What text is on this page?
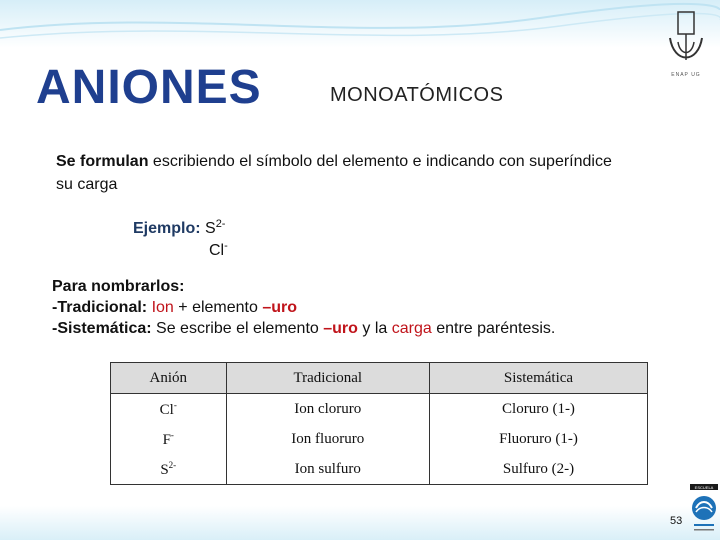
ANIONES	MONOATÓMICOS
ENAP UG
Se formulan escribiendo el símbolo del elemento e indicando con superíndice su carga
Ejemplo: $S^{2-}$
Cl-
Para nombrarlos:
-Tradicional: Ion + elemento –uro
-Sistemática: Se escribe el elemento –uro y la carga entre paréntesis.
Anión	Tradicional	Sistemática
Cl-	Ion cloruro	Cloruro (1-)
F-	Ion fluoruro	Fluoruro (1-)
$S^{2-}$	Ion sulfuro	Sulfuro (2-)
53
ESCUELA
